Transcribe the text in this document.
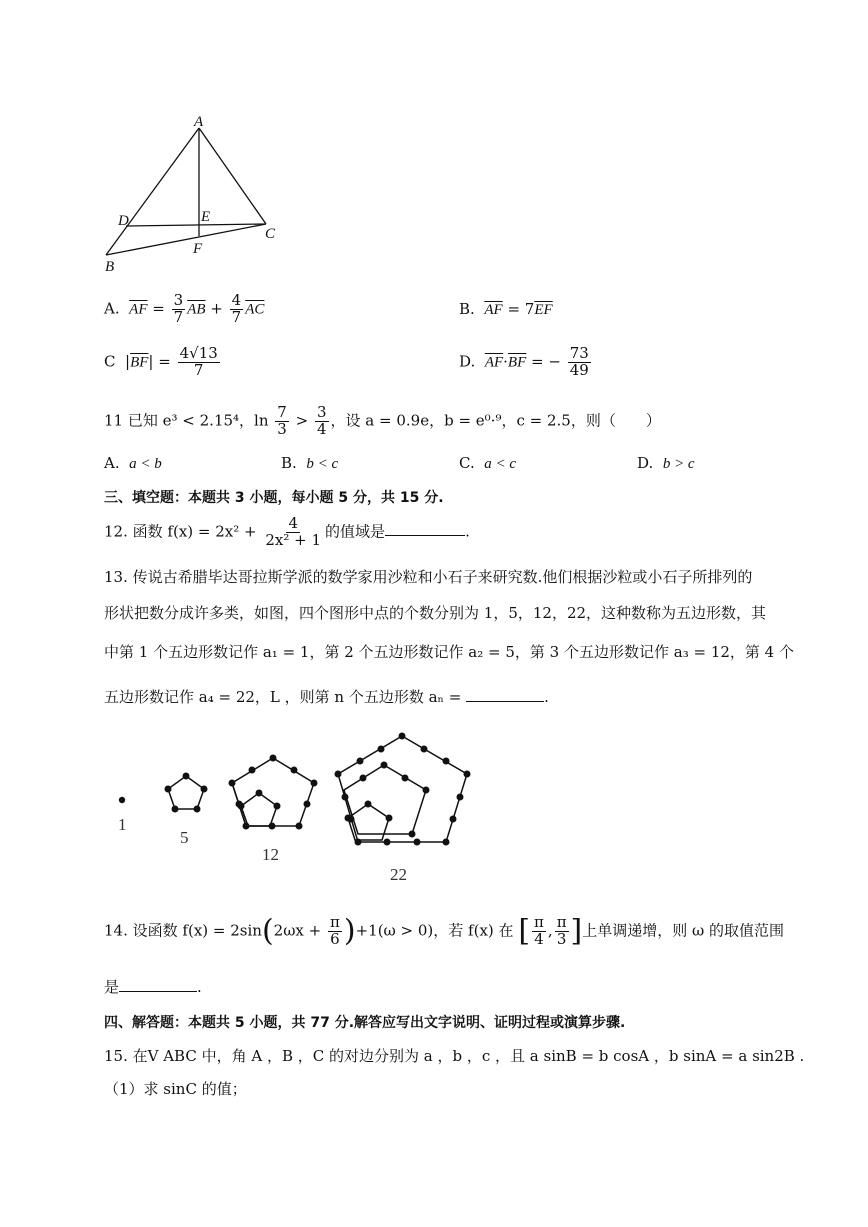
A
D	E
C
F
B
A. $\overline{AF} = \frac{3}{7} \overline{AB} + \frac{4}{7} \overline{AC}$	B. $\overline{AF} = 7\overline{EF}$
C  $|\overline{BF}| = \frac{4√13}{7}$	D. $\overline{AF}\cdot\overline{BF}$ = − $\frac{73}{49}$
11 已知 e³ < 2.15⁴，$\ln \frac{7}{3} > \frac{3}{4}$ ，设 a = 0.9e，b = e⁰·⁹，c = 2.5，则（　　）
A. a < b	B. b < c	C. a < c	D. b > c
三、填空题：本题共 3 小题，每小题 5 分，共 15 分.
12. 函数 $f(x) = 2x^2 + \frac{4}{\text{2x² + 1}}$ 的值域是	.
13. 传说古希腊毕达哥拉斯学派的数学家用沙粒和小石子来研究数.他们根据沙粒或小石子所排列的
形状把数分成许多类，如图，四个图形中点的个数分别为 1，5，12，22，这种数称为五边形数，其
中第 1 个五边形数记作 a₁ = 1，第 2 个五边形数记作 a₂ = 5，第 3 个五边形数记作 a₃ = 12，第 4 个
五边形数记作 a₄ = 22，L ，则第 n 个五边形数 aₙ =	.
1
5
12
22
14. 设函数 $f(x) = 2\sin(2\omega x + \frac{\pi}{6} )+1(\omega > 0)$，若 f(x) 在 [ $\frac{\pi}{4}$ , $\frac{\pi}{3}$ ]上单调递增，则 ω 的取值范围
是	.
四、解答题：本题共 5 小题，共 77 分.解答应写出文字说明、证明过程或演算步骤.
15. 在V ABC 中，角 A ，B ，C 的对边分别为 a ，b ，c ，且 a sinB = b cosA ，b sinA = a sin2B .
（1）求 sinC 的值；
